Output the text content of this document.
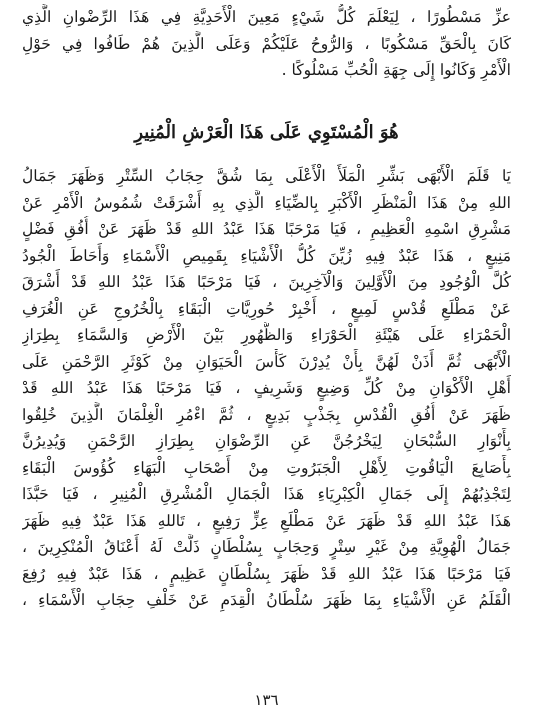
عزِّ مَسْطُورًا ، لِيَعْلَمَ كُلُّ شَيْءٍ مَعِينَ الْأَحَدِيَّةِ فِي هَذَا الرِّضْوانِ الَّذِي
كَانَ بِالْحَقِّ مَسْكُوبًا ، وَالرُّوحُ عَلَيْكُمْ وَعَلَى الَّذِينَ هُمْ طَافُوا فِي حَوْلِ
الْأَمْرِ وَكَانُوا إِلَى جِهَةِ الْحُبِّ مَسْلُوكًا .
هُوَ الْمُسْتَوِي عَلَى هَذَا الْعَرْشِ الْمُنِيرِ
يَا قَلَمَ الْأَبْهَى بَشِّرِ الْمَلَأَ الْأَعْلَى بِمَا شُقَّ حِجَابُ السِّتْرِ وَظَهَرَ جَمَالُ
اللهِ مِنْ هَذَا الْمَنْظَرِ الْأَكْبَرِ بِالضِّيَاءِ الَّذِي بِهِ أَشْرَقَتْ شُمُوسُ الْأَمْرِ عَنْ
مَشْرِقِ اسْمِهِ الْعَظِيمِ ، فَيَا مَرْحَبًا هَذَا عَبْدُ اللهِ قَدْ ظَهَرَ عَنْ أُفُقِ فَضْلٍ
مَنِيعٍ ، هَذَا عَبْدٌ فِيهِ زُيِّنَ كُلُّ الْأَشْيَاءِ بِقَمِيصِ الْأَسْمَاءِ وَأَحَاطَ الْجُودُ
كُلَّ الْوُجُودِ مِنَ الْأَوَّلِينَ وَالْآخِرِينَ ، فَيَا مَرْحَبًا هَذَا عَبْدُ اللهِ قَدْ أَشْرَقَ
عَنْ مَطْلَعِ قُدْسٍ لَمِيعٍ ، أَخْبِرْ حُورِيَّاتِ الْبَقَاءِ بِالْخُرُوجِ عَنِ الْغُرَفِ
الْحَمْرَاءِ عَلَى هَيْئَةِ الْحَوْرَاءِ وَالظُّهُورِ بَيْنَ الْأَرْضِ وَالسَّمَاءِ بِطِرَازِ
الْأَبْهَى ثُمَّ أَذَنْ لَهُنَّ بِأَنْ يُدِرْنَ كَأْسَ الْحَيَوَانِ مِنْ كَوْثَرِ الرَّحْمَنِ عَلَى
أَهْلِ الْأَكْوَانِ مِنْ كُلِّ وَضِيعٍ وَشَرِيفٍ ، فَيَا مَرْحَبًا هَذَا عَبْدُ اللهِ قَدْ
ظَهَرَ عَنْ أُفُقِ الْقُدْسِ بِجَذْبٍ بَدِيعٍ ، ثُمَّ اءْمُرِ الْغِلْمَانَ الَّذِينَ خُلِقُوا
بِأَنْوَارِ السُّبْحَانِ لِيَخْرُجُنَّ عَنِ الرِّضْوَانِ بِطِرَازِ الرَّحْمَنِ وَيُدِيرُنَّ
بِأَصَابِعَ الْيَاقُوتِ لِأَهْلِ الْجَبَرُوتِ مِنْ أَصْحَابِ الْبَهَاءِ كُؤُوسَ الْبَقَاءِ
لِتَجْذِبُهُمْ إِلَى جَمَالِ الْكِبْرِيَاءِ هَذَا الْجَمَالِ الْمُشْرِقِ الْمُنِيرِ ، فَيَا حَبَّذَا
هَذَا عَبْدُ اللهِ قَدْ ظَهَرَ عَنْ مَطْلَعِ عِزٍّ رَفِيعٍ ، تَاللهِ هَذَا عَبْدٌ فِيهِ ظَهَرَ
جَمَالُ الْهُوِيَّةِ مِنْ غَيْرِ سِتْرٍ وَحِجَابٍ بِسُلْطَانٍ ذَلَّتْ لَهُ أَعْنَاقُ الْمُنْكِرِينَ ،
فَيَا مَرْحَبًا هَذَا عَبْدُ اللهِ قَدْ ظَهَرَ بِسُلْطَانٍ عَظِيمٍ ، هَذَا عَبْدٌ فِيهِ رُفِعَ
الْقَلَمُ عَنِ الْأَشْيَاءِ بِمَا ظَهَرَ سُلْطَانُ الْقِدَمِ عَنْ خَلْفِ حِجَابِ الْأَسْمَاءِ ،
١٣٦
